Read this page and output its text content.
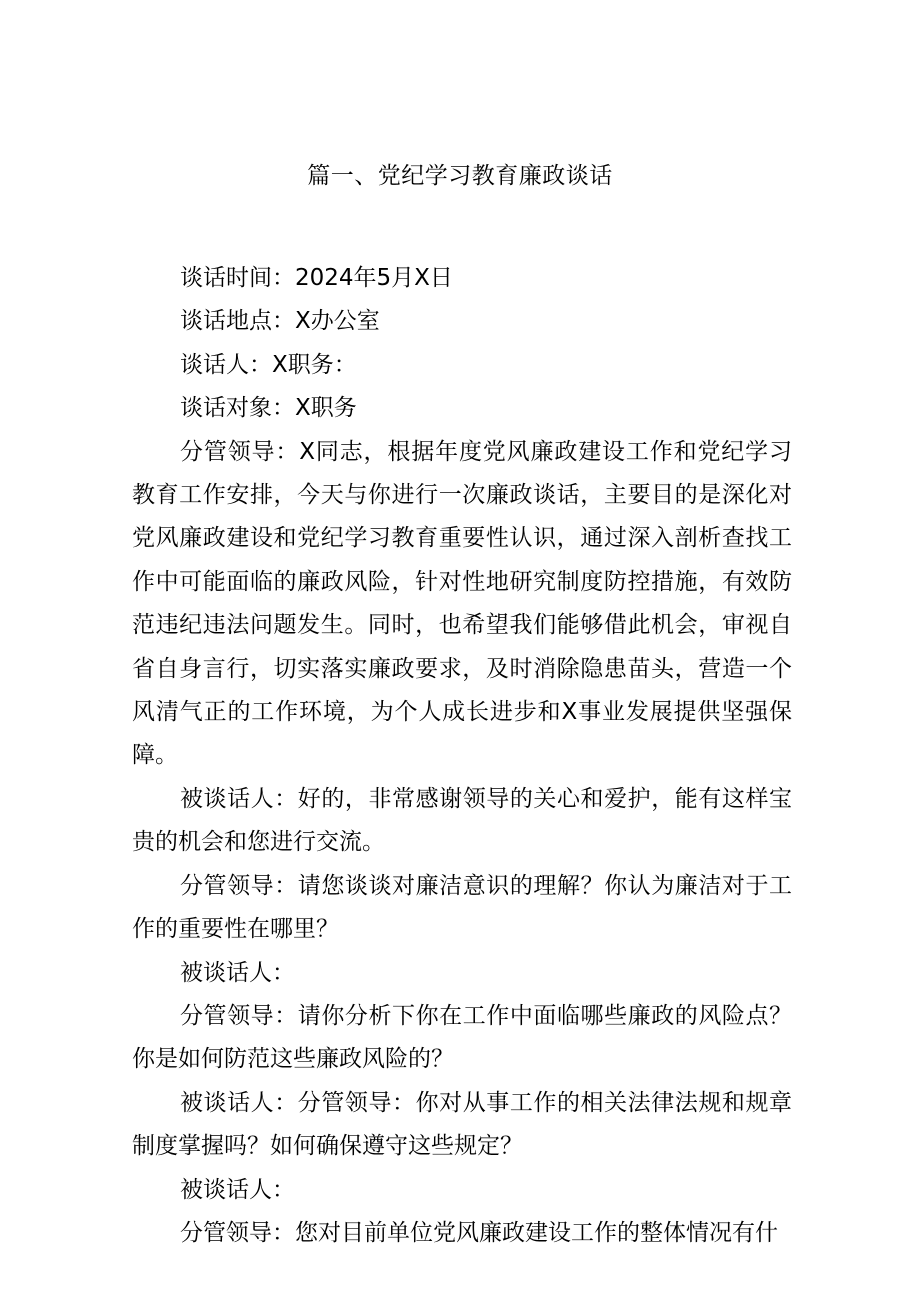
篇一、党纪学习教育廉政谈话

谈话时间：2024年5月X日

谈话地点：X办公室

谈话人：X职务：

谈话对象：X职务

分管领导：X同志，根据年度党风廉政建设工作和党纪学习教育工作安排，今天与你进行一次廉政谈话，主要目的是深化对党风廉政建设和党纪学习教育重要性认识，通过深入剖析查找工作中可能面临的廉政风险，针对性地研究制度防控措施，有效防范违纪违法问题发生。同时，也希望我们能够借此机会，审视自省自身言行，切实落实廉政要求，及时消除隐患苗头，营造一个风清气正的工作环境，为个人成长进步和X事业发展提供坚强保障。

被谈话人：好的，非常感谢领导的关心和爱护，能有这样宝贵的机会和您进行交流。

分管领导：请您谈谈对廉洁意识的理解？你认为廉洁对于工作的重要性在哪里？

被谈话人：

分管领导：请你分析下你在工作中面临哪些廉政的风险点？你是如何防范这些廉政风险的？

被谈话人：分管领导：你对从事工作的相关法律法规和规章制度掌握吗？如何确保遵守这些规定？

被谈话人：

分管领导：您对目前单位党风廉政建设工作的整体情况有什
